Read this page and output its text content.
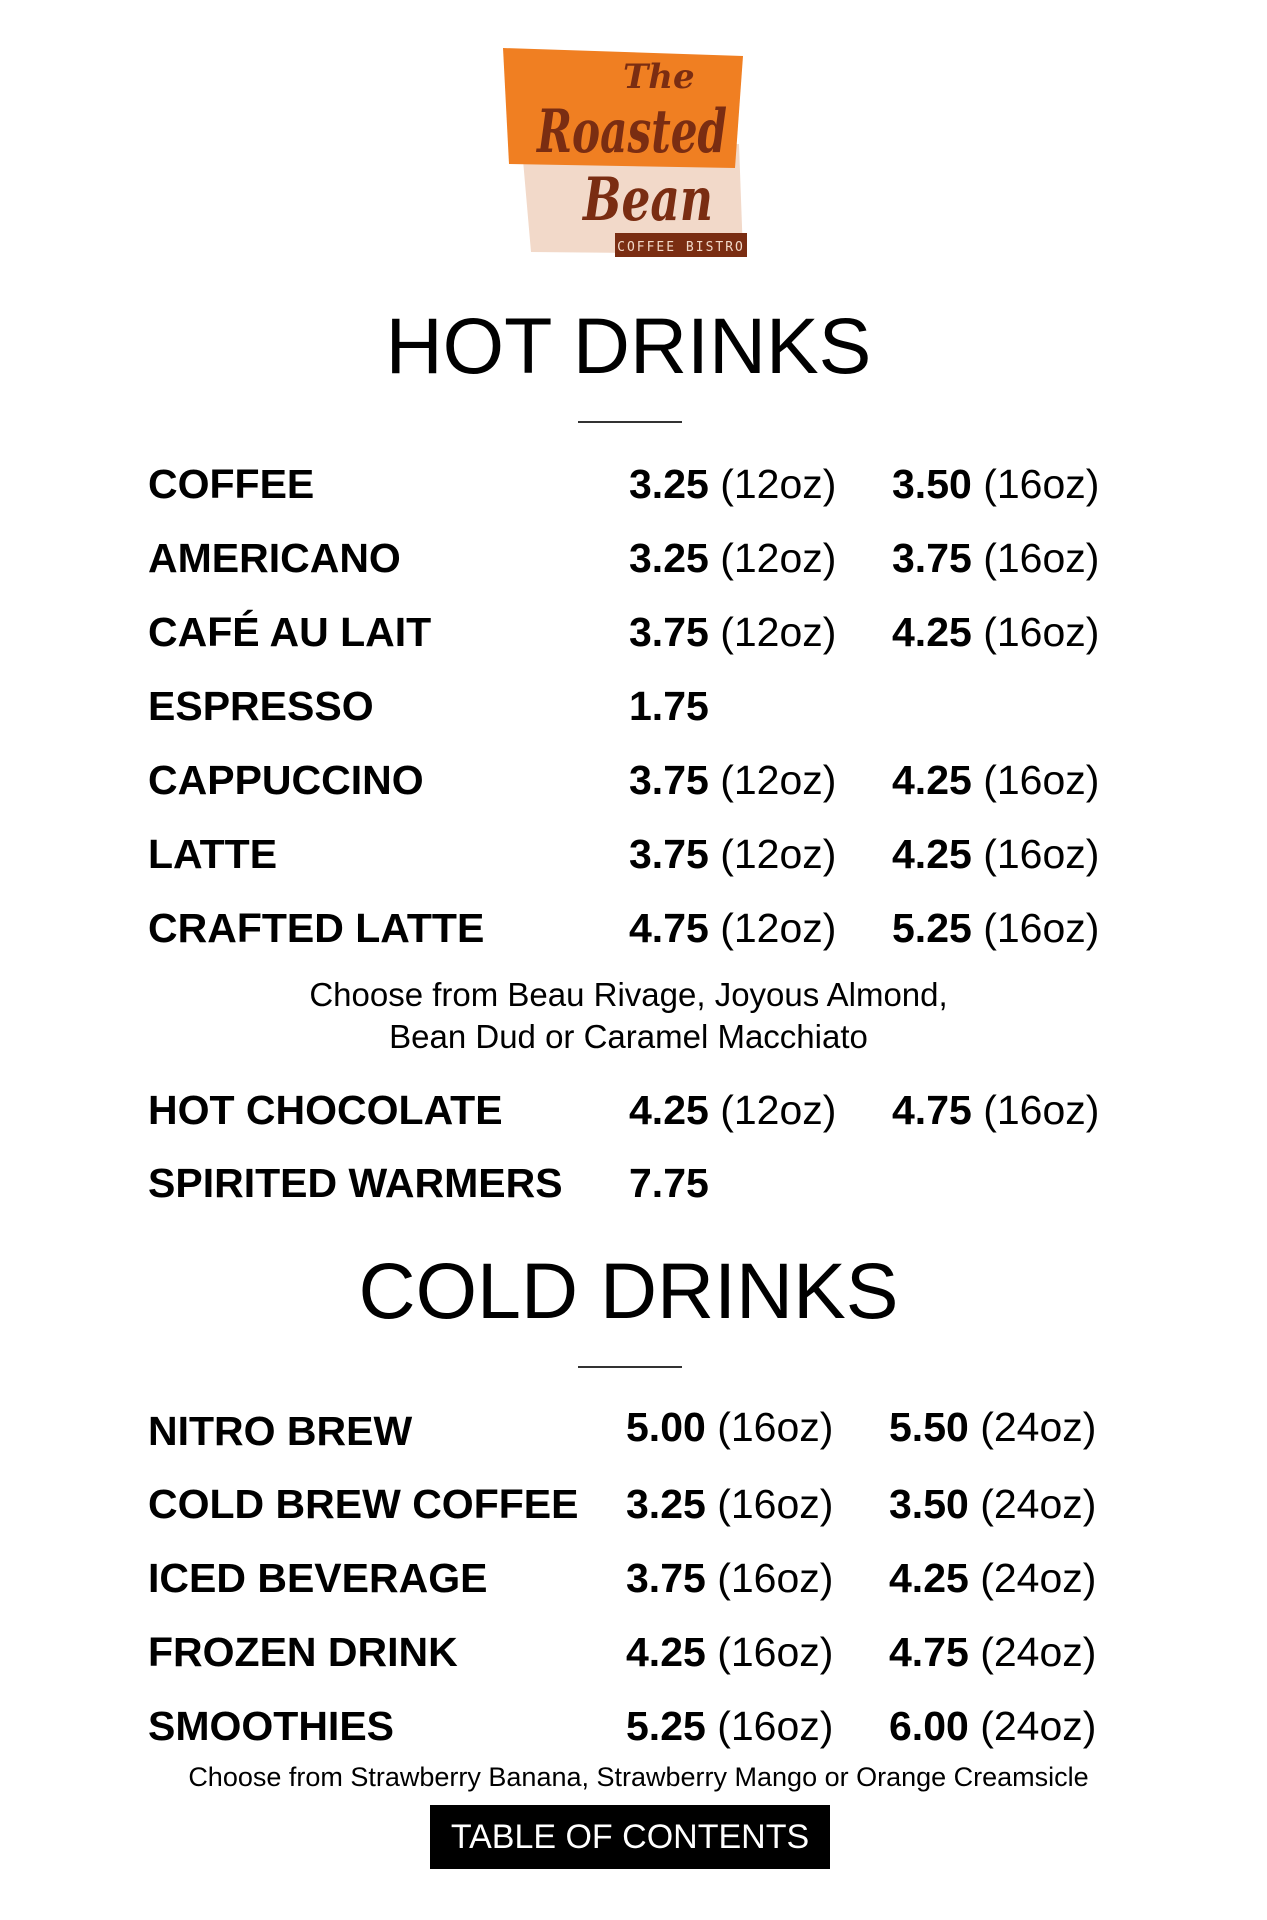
The
Roasted
Bean
COFFEE BISTRO
HOT DRINKS
COFFEE	3.25 (12oz) 3.50 (16oz)
AMERICANO	3.25 (12oz) 3.75 (16oz)
CAFÉ AU LAIT	3.75 (12oz) 4.25 (16oz)
ESPRESSO	1.75
CAPPUCCINO	3.75 (12oz) 4.25 (16oz)
LATTE	3.75 (12oz) 4.25 (16oz)
CRAFTED LATTE	4.75 (12oz) 5.25 (16oz)
Choose from Beau Rivage, Joyous Almond,
Bean Dud or Caramel Macchiato
HOT CHOCOLATE	4.25 (12oz) 4.75 (16oz)
SPIRITED WARMERS 7.75
COLD DRINKS
NITRO BREW	5.00 (16oz) 5.50 (24oz)
COLD BREW COFFEE 3.25 (16oz) 3.50 (24oz)
ICED BEVERAGE	3.75 (16oz) 4.25 (24oz)
FROZEN DRINK	4.25 (16oz) 4.75 (24oz)
SMOOTHIES	5.25 (16oz) 6.00 (24oz)
Choose from Strawberry Banana, Strawberry Mango or Orange Creamsicle
TABLE OF CONTENTS
